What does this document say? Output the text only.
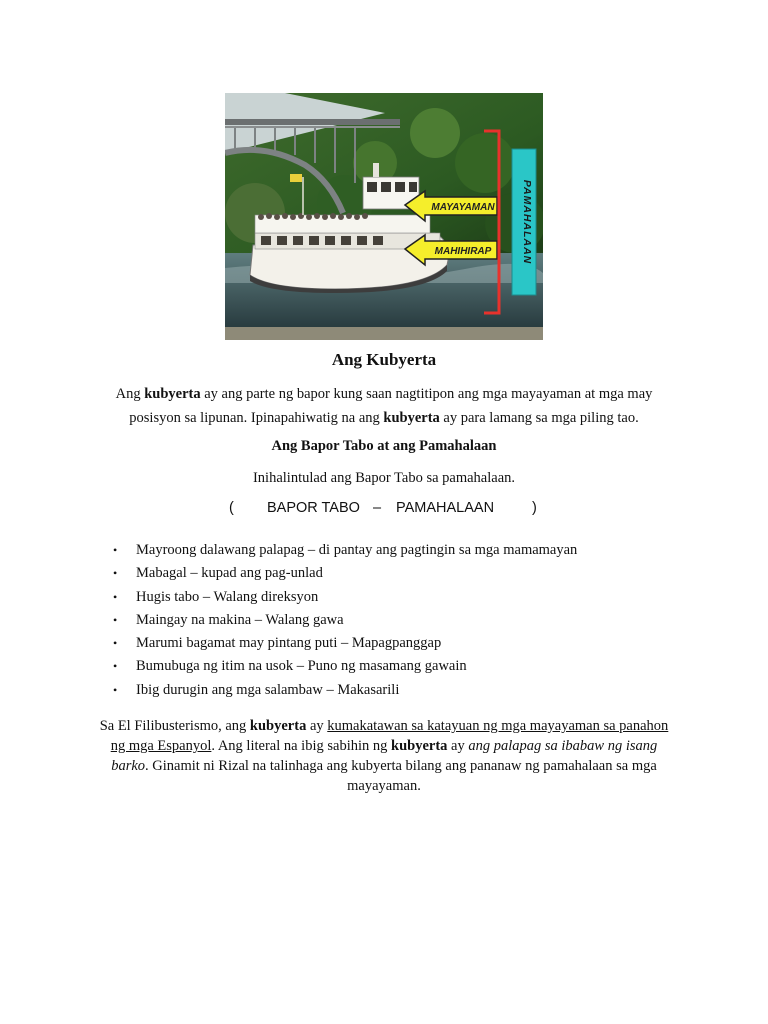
MAYAYAMAN
MAHIHIRAP	PAMAHALAAN
Ang Kubyerta
Ang kubyerta ay ang parte ng bapor kung saan nagtitipon ang mga mayayaman at mga may posisyon sa lipunan. Ipinapahiwatig na ang kubyerta ay para lamang sa mga piling tao.
Ang Bapor Tabo at ang Pamahalaan
Inihalintulad ang Bapor Tabo sa pamahalaan.
( BAPOR TABO – PAMAHALAAN	)
• Mayroong dalawang palapag – di pantay ang pagtingin sa mga mamamayan
• Mabagal – kupad ang pag-unlad
• Hugis tabo – Walang direksyon
• Maingay na makina – Walang gawa
• Marumi bagamat may pintang puti – Mapagpanggap
• Bumubuga ng itim na usok – Puno ng masamang gawain
• Ibig durugin ang mga salambaw – Makasarili
Sa El Filibusterismo, ang kubyerta ay kumakatawan sa katayuan ng mga mayayaman sa panahon ng mga Espanyol. Ang literal na ibig sabihin ng kubyerta ay ang palapag sa ibabaw ng isang barko. Ginamit ni Rizal na talinhaga ang kubyerta bilang ang pananaw ng pamahalaan sa mga mayayaman.
